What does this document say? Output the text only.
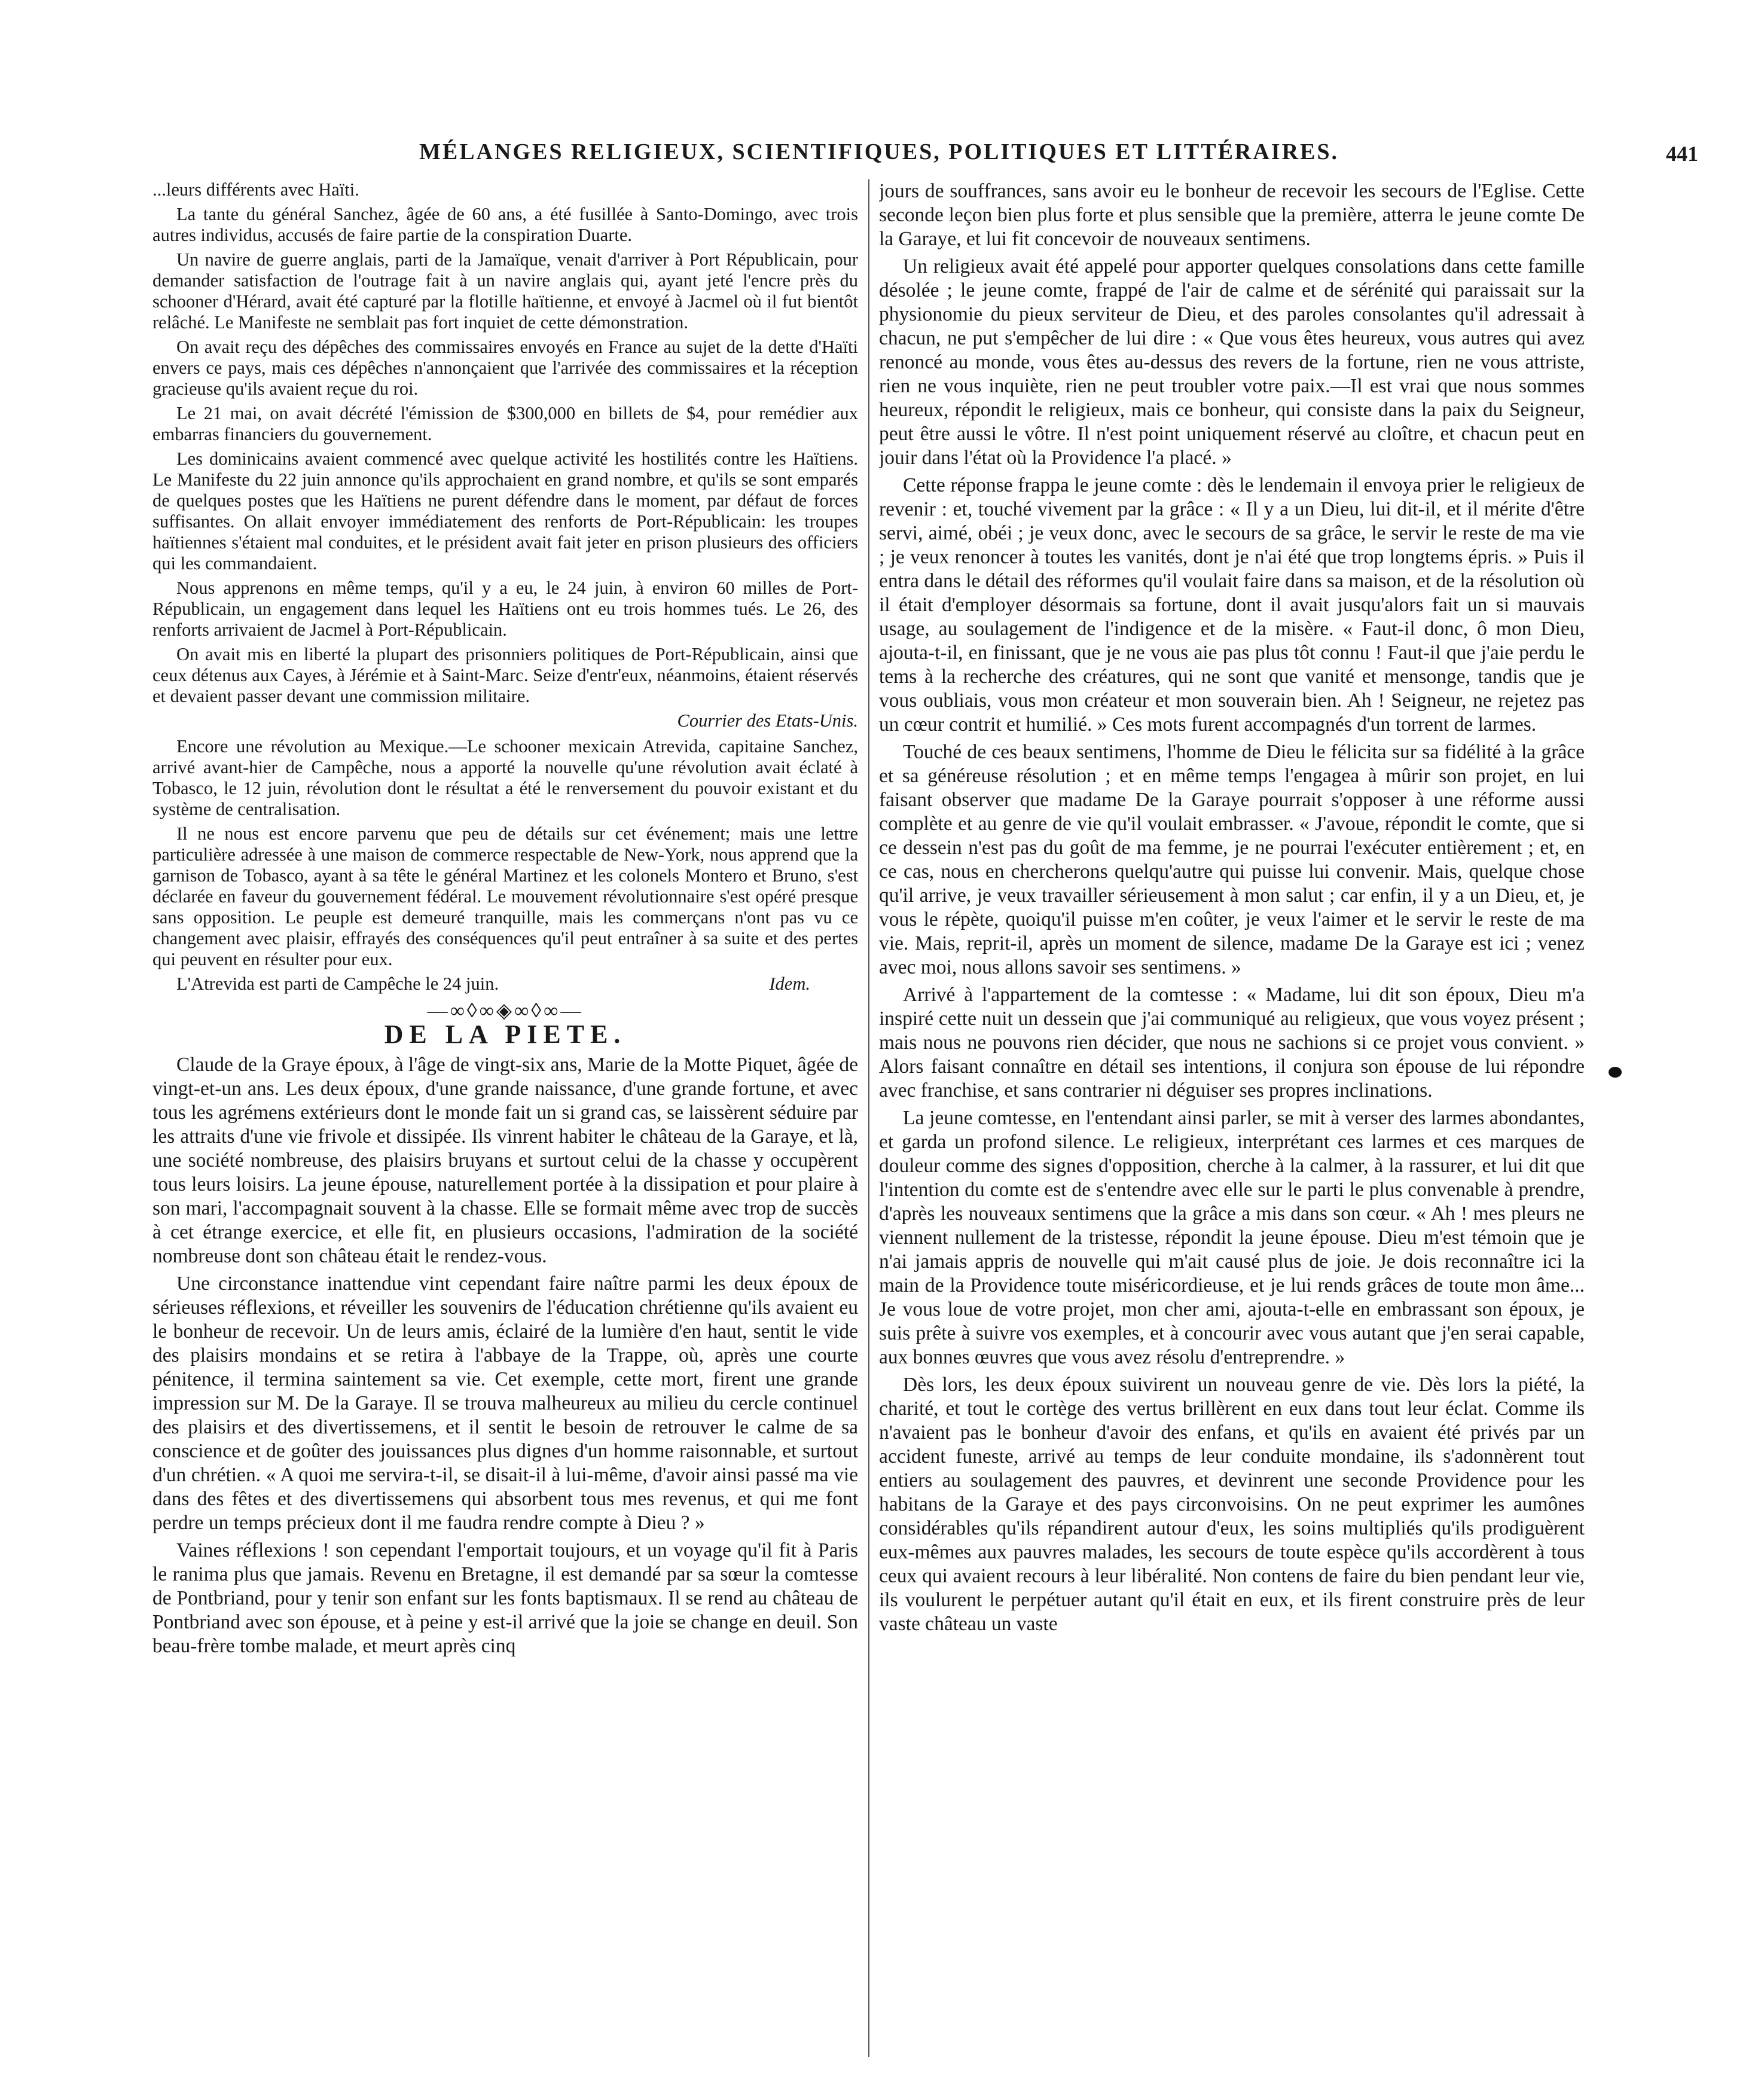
MÉLANGES RELIGIEUX, SCIENTIFIQUES, POLITIQUES ET LITTÉRAIRES.	441

...leurs différents avec Haïti.

La tante du général Sanchez, âgée de 60 ans, a été fusillée à Santo-Domingo, avec trois autres individus, accusés de faire partie de la conspiration Duarte.

Un navire de guerre anglais, parti de la Jamaïque, venait d'arriver à Port Républicain, pour demander satisfaction de l'outrage fait à un navire anglais qui, ayant jeté l'encre près du schooner d'Hérard, avait été capturé par la flotille haïtienne, et envoyé à Jacmel où il fut bientôt relâché. Le Manifeste ne semblait pas fort inquiet de cette démonstration.

On avait reçu des dépêches des commissaires envoyés en France au sujet de la dette d'Haïti envers ce pays, mais ces dépêches n'annonçaient que l'arrivée des commissaires et la réception gracieuse qu'ils avaient reçue du roi.

Le 21 mai, on avait décrété l'émission de $300,000 en billets de $4, pour remédier aux embarras financiers du gouvernement.

Les dominicains avaient commencé avec quelque activité les hostilités contre les Haïtiens. Le Manifeste du 22 juin annonce qu'ils approchaient en grand nombre, et qu'ils se sont emparés de quelques postes que les Haïtiens ne purent défendre dans le moment, par défaut de forces suffisantes. On allait envoyer immédiatement des renforts de Port-Républicain: les troupes haïtiennes s'étaient mal conduites, et le président avait fait jeter en prison plusieurs des officiers qui les commandaient.

Nous apprenons en même temps, qu'il y a eu, le 24 juin, à environ 60 milles de Port-Républicain, un engagement dans lequel les Haïtiens ont eu trois hommes tués. Le 26, des renforts arrivaient de Jacmel à Port-Républicain.

On avait mis en liberté la plupart des prisonniers politiques de Port-Républicain, ainsi que ceux détenus aux Cayes, à Jérémie et à Saint-Marc. Seize d'entr'eux, néanmoins, étaient réservés et devaient passer devant une commission militaire.

Courrier des Etats-Unis.

Encore une révolution au Mexique.—Le schooner mexicain Atrevida, capitaine Sanchez, arrivé avant-hier de Campêche, nous a apporté la nouvelle qu'une révolution avait éclaté à Tobasco, le 12 juin, révolution dont le résultat a été le renversement du pouvoir existant et du système de centralisation.

Il ne nous est encore parvenu que peu de détails sur cet événement; mais une lettre particulière adressée à une maison de commerce respectable de New-York, nous apprend que la garnison de Tobasco, ayant à sa tête le général Martinez et les colonels Montero et Bruno, s'est déclarée en faveur du gouvernement fédéral. Le mouvement révolutionnaire s'est opéré presque sans opposition. Le peuple est demeuré tranquille, mais les commerçans n'ont pas vu ce changement avec plaisir, effrayés des conséquences qu'il peut entraîner à sa suite et des pertes qui peuvent en résulter pour eux.

Idem.
L'Atrevida est parti de Campêche le 24 juin.

—∞◊∞◈∞◊∞—
DE LA PIETE.

Claude de la Graye époux, à l'âge de vingt-six ans, Marie de la Motte Piquet, âgée de vingt-et-un ans. Les deux époux, d'une grande naissance, d'une grande fortune, et avec tous les agrémens extérieurs dont le monde fait un si grand cas, se laissèrent séduire par les attraits d'une vie frivole et dissipée. Ils vinrent habiter le château de la Garaye, et là, une société nombreuse, des plaisirs bruyans et surtout celui de la chasse y occupèrent tous leurs loisirs. La jeune épouse, naturellement portée à la dissipation et pour plaire à son mari, l'accompagnait souvent à la chasse. Elle se formait même avec trop de succès à cet étrange exercice, et elle fit, en plusieurs occasions, l'admiration de la société nombreuse dont son château était le rendez-vous.

Une circonstance inattendue vint cependant faire naître parmi les deux époux de sérieuses réflexions, et réveiller les souvenirs de l'éducation chrétienne qu'ils avaient eu le bonheur de recevoir. Un de leurs amis, éclairé de la lumière d'en haut, sentit le vide des plaisirs mondains et se retira à l'abbaye de la Trappe, où, après une courte pénitence, il termina saintement sa vie. Cet exemple, cette mort, firent une grande impression sur M. De la Garaye. Il se trouva malheureux au milieu du cercle continuel des plaisirs et des divertissemens, et il sentit le besoin de retrouver le calme de sa conscience et de goûter des jouissances plus dignes d'un homme raisonnable, et surtout d'un chrétien. « A quoi me servira-t-il, se disait-il à lui-même, d'avoir ainsi passé ma vie dans des fêtes et des divertissemens qui absorbent tous mes revenus, et qui me font perdre un temps précieux dont il me faudra rendre compte à Dieu ? »

Vaines réflexions ! son cependant l'emportait toujours, et un voyage qu'il fit à Paris le ranima plus que jamais. Revenu en Bretagne, il est demandé par sa sœur la comtesse de Pontbriand, pour y tenir son enfant sur les fonts baptismaux. Il se rend au château de Pontbriand avec son épouse, et à peine y est-il arrivé que la joie se change en deuil. Son beau-frère tombe malade, et meurt après cinq

jours de souffrances, sans avoir eu le bonheur de recevoir les secours de l'Eglise. Cette seconde leçon bien plus forte et plus sensible que la première, atterra le jeune comte De la Garaye, et lui fit concevoir de nouveaux sentimens.

Un religieux avait été appelé pour apporter quelques consolations dans cette famille désolée ; le jeune comte, frappé de l'air de calme et de sérénité qui paraissait sur la physionomie du pieux serviteur de Dieu, et des paroles consolantes qu'il adressait à chacun, ne put s'empêcher de lui dire : « Que vous êtes heureux, vous autres qui avez renoncé au monde, vous êtes au-dessus des revers de la fortune, rien ne vous attriste, rien ne vous inquiète, rien ne peut troubler votre paix.—Il est vrai que nous sommes heureux, répondit le religieux, mais ce bonheur, qui consiste dans la paix du Seigneur, peut être aussi le vôtre. Il n'est point uniquement réservé au cloître, et chacun peut en jouir dans l'état où la Providence l'a placé. »

Cette réponse frappa le jeune comte : dès le lendemain il envoya prier le religieux de revenir : et, touché vivement par la grâce : « Il y a un Dieu, lui dit-il, et il mérite d'être servi, aimé, obéi ; je veux donc, avec le secours de sa grâce, le servir le reste de ma vie ; je veux renoncer à toutes les vanités, dont je n'ai été que trop longtems épris. » Puis il entra dans le détail des réformes qu'il voulait faire dans sa maison, et de la résolution où il était d'employer désormais sa fortune, dont il avait jusqu'alors fait un si mauvais usage, au soulagement de l'indigence et de la misère. « Faut-il donc, ô mon Dieu, ajouta-t-il, en finissant, que je ne vous aie pas plus tôt connu ! Faut-il que j'aie perdu le tems à la recherche des créatures, qui ne sont que vanité et mensonge, tandis que je vous oubliais, vous mon créateur et mon souverain bien. Ah ! Seigneur, ne rejetez pas un cœur contrit et humilié. » Ces mots furent accompagnés d'un torrent de larmes.

Touché de ces beaux sentimens, l'homme de Dieu le félicita sur sa fidélité à la grâce et sa généreuse résolution ; et en même temps l'engagea à mûrir son projet, en lui faisant observer que madame De la Garaye pourrait s'opposer à une réforme aussi complète et au genre de vie qu'il voulait embrasser. « J'avoue, répondit le comte, que si ce dessein n'est pas du goût de ma femme, je ne pourrai l'exécuter entièrement ; et, en ce cas, nous en chercherons quelqu'autre qui puisse lui convenir. Mais, quelque chose qu'il arrive, je veux travailler sérieusement à mon salut ; car enfin, il y a un Dieu, et, je vous le répète, quoiqu'il puisse m'en coûter, je veux l'aimer et le servir le reste de ma vie. Mais, reprit-il, après un moment de silence, madame De la Garaye est ici ; venez avec moi, nous allons savoir ses sentimens. »

Arrivé à l'appartement de la comtesse : « Madame, lui dit son époux, Dieu m'a inspiré cette nuit un dessein que j'ai communiqué au religieux, que vous voyez présent ; mais nous ne pouvons rien décider, que nous ne sachions si ce projet vous convient. » Alors faisant connaître en détail ses intentions, il conjura son épouse de lui répondre avec franchise, et sans contrarier ni déguiser ses propres inclinations.

La jeune comtesse, en l'entendant ainsi parler, se mit à verser des larmes abondantes, et garda un profond silence. Le religieux, interprétant ces larmes et ces marques de douleur comme des signes d'opposition, cherche à la calmer, à la rassurer, et lui dit que l'intention du comte est de s'entendre avec elle sur le parti le plus convenable à prendre, d'après les nouveaux sentimens que la grâce a mis dans son cœur. « Ah ! mes pleurs ne viennent nullement de la tristesse, répondit la jeune épouse. Dieu m'est témoin que je n'ai jamais appris de nouvelle qui m'ait causé plus de joie. Je dois reconnaître ici la main de la Providence toute miséricordieuse, et je lui rends grâces de toute mon âme... Je vous loue de votre projet, mon cher ami, ajouta-t-elle en embrassant son époux, je suis prête à suivre vos exemples, et à concourir avec vous autant que j'en serai capable, aux bonnes œuvres que vous avez résolu d'entreprendre. »

Dès lors, les deux époux suivirent un nouveau genre de vie. Dès lors la piété, la charité, et tout le cortège des vertus brillèrent en eux dans tout leur éclat. Comme ils n'avaient pas le bonheur d'avoir des enfans, et qu'ils en avaient été privés par un accident funeste, arrivé au temps de leur conduite mondaine, ils s'adonnèrent tout entiers au soulagement des pauvres, et devinrent une seconde Providence pour les habitans de la Garaye et des pays circonvoisins. On ne peut exprimer les aumônes considérables qu'ils répandirent autour d'eux, les soins multipliés qu'ils prodiguèrent eux-mêmes aux pauvres malades, les secours de toute espèce qu'ils accordèrent à tous ceux qui avaient recours à leur libéralité. Non contens de faire du bien pendant leur vie, ils voulurent le perpétuer autant qu'il était en eux, et ils firent construire près de leur vaste château un vaste
